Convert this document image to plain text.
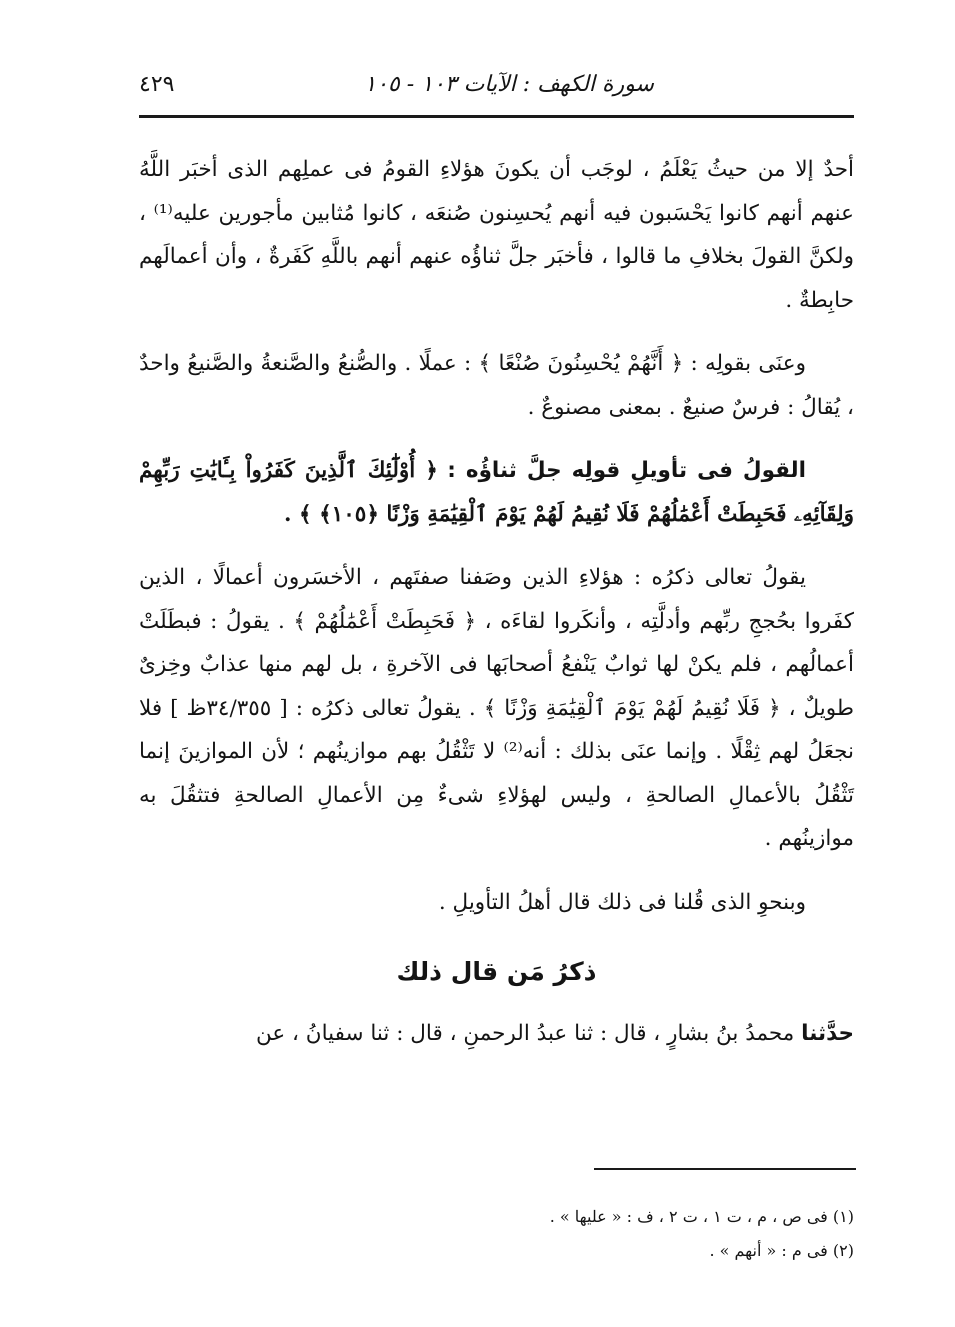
سورة الكهف : الآيات ١٠٣ - ١٠٥
٤٢٩

أحدٌ إلا من حيثُ يَعْلَمُ ، لوجَب أن يكونَ هؤلاءِ القومُ فى عملِهم الذى أخبَر اللَّهُ عنهم أنهم كانوا يَحْسَبون فيه أنهم يُحسِنون صُنعَه ، كانوا مُثابين مأجورين عليه⁽¹⁾ ، ولكنَّ القولَ بخلافِ ما قالوا ، فأخبَر جلَّ ثناؤُه عنهم أنهم باللَّهِ كَفَرةٌ ، وأن أعمالَهم حابِطةٌ .

وعنَى بقولِه : ﴿ أَنَّهُمْ يُحْسِنُونَ صُنْعًا ﴾ : عملًا . والصُّنعُ والصَّنعةُ والصَّنيعُ واحدٌ ، يُقالُ : فرسٌ صنيعٌ . بمعنى مصنوعٌ .

القولُ فى تأويلِ قولِه جلَّ ثناؤُه : ﴿ أُوْلَٰٓئِكَ ٱلَّذِينَ كَفَرُواْ بِـَٔايَٰتِ رَبِّهِمْ وَلِقَآئِهِۦ فَحَبِطَتْ أَعْمَٰلُهُمْ فَلَا نُقِيمُ لَهُمْ يَوْمَ ٱلْقِيَٰمَةِ وَزْنًا ﴿١٠٥﴾ ﴾ .

يقولُ تعالى ذكرُه : هؤلاءِ الذين وصَفنا صفتَهم ، الأخسَرون أعمالًا ، الذين كفَروا بحُججِ ربِّهم وأدلَّتِه ، وأنكَروا لقاءَه ، ﴿ فَحَبِطَتْ أَعْمَٰلُهُمْ ﴾ . يقولُ : فبطَلَتْ أعمالُهم ، فلم يكنْ لها ثوابٌ يَنْفعُ أصحابَها فى الآخرةِ ، بل لهم منها عذابٌ وخِزىٌ طويلٌ ، ﴿ فَلَا نُقِيمُ لَهُمْ يَوْمَ ٱلْقِيَٰمَةِ وَزْنًا ﴾ . يقولُ تعالى ذكرُه : [ ٣٤/٣٥٥ظ ] فلا نجعَلُ لهم ثِقْلًا . وإنما عنَى بذلك : أنه⁽²⁾ لا تَثْقُلُ بهم موازينُهم ؛ لأن الموازينَ إنما تَثْقُلُ بالأعمالِ الصالحةِ ، وليس لهؤلاءِ شىءٌ مِن الأعمالِ الصالحةِ فتثقُلَ به موازينُهم .

وبنحوِ الذى قُلنا فى ذلك قال أهلُ التأويلِ .

ذكرُ مَن قال ذلك

حدَّثنا محمدُ بنُ بشارٍ ، قال : ثنا عبدُ الرحمنِ ، قال : ثنا سفيانُ ، عن

(١) فى ص ، م ، ت ١ ، ت ٢ ، ف : « عليها » .

(٢) فى م : « أنهم » .
